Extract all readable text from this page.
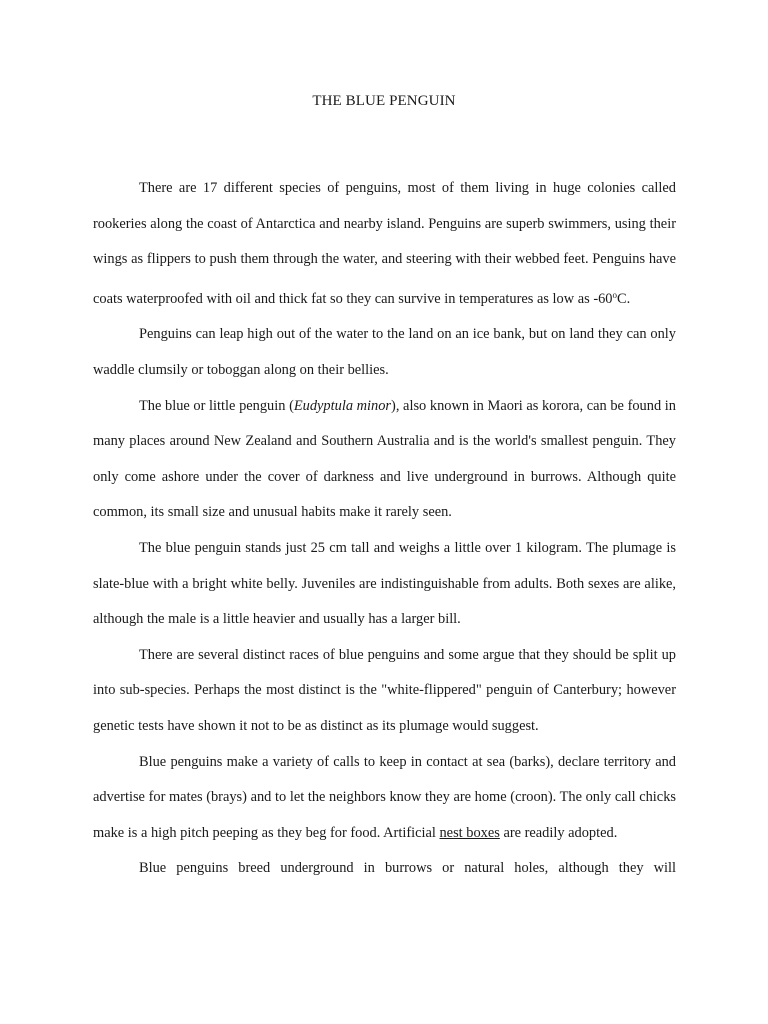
THE BLUE PENGUIN

There are 17 different species of penguins, most of them living in huge colonies called rookeries along the coast of Antarctica and nearby island. Penguins are superb swimmers, using their wings as flippers to push them through the water, and steering with their webbed feet. Penguins have coats waterproofed with oil and thick fat so they can survive in temperatures as low as -60$^o$C.

Penguins can leap high out of the water to the land on an ice bank, but on land they can only waddle clumsily or toboggan along on their bellies.

The blue or little penguin (Eudyptula minor), also known in Maori as korora, can be found in many places around New Zealand and Southern Australia and is the world's smallest penguin. They only come ashore under the cover of darkness and live underground in burrows. Although quite common, its small size and unusual habits make it rarely seen.

The blue penguin stands just 25 cm tall and weighs a little over 1 kilogram. The plumage is slate-blue with a bright white belly. Juveniles are indistinguishable from adults. Both sexes are alike, although the male is a little heavier and usually has a larger bill.

There are several distinct races of blue penguins and some argue that they should be split up into sub-species. Perhaps the most distinct is the "white-flippered" penguin of Canterbury; however genetic tests have shown it not to be as distinct as its plumage would suggest.

Blue penguins make a variety of calls to keep in contact at sea (barks), declare territory and advertise for mates (brays) and to let the neighbors know they are home (croon). The only call chicks make is a high pitch peeping as they beg for food. Artificial nest boxes are readily adopted.

Blue penguins breed underground in burrows or natural holes, although they will
